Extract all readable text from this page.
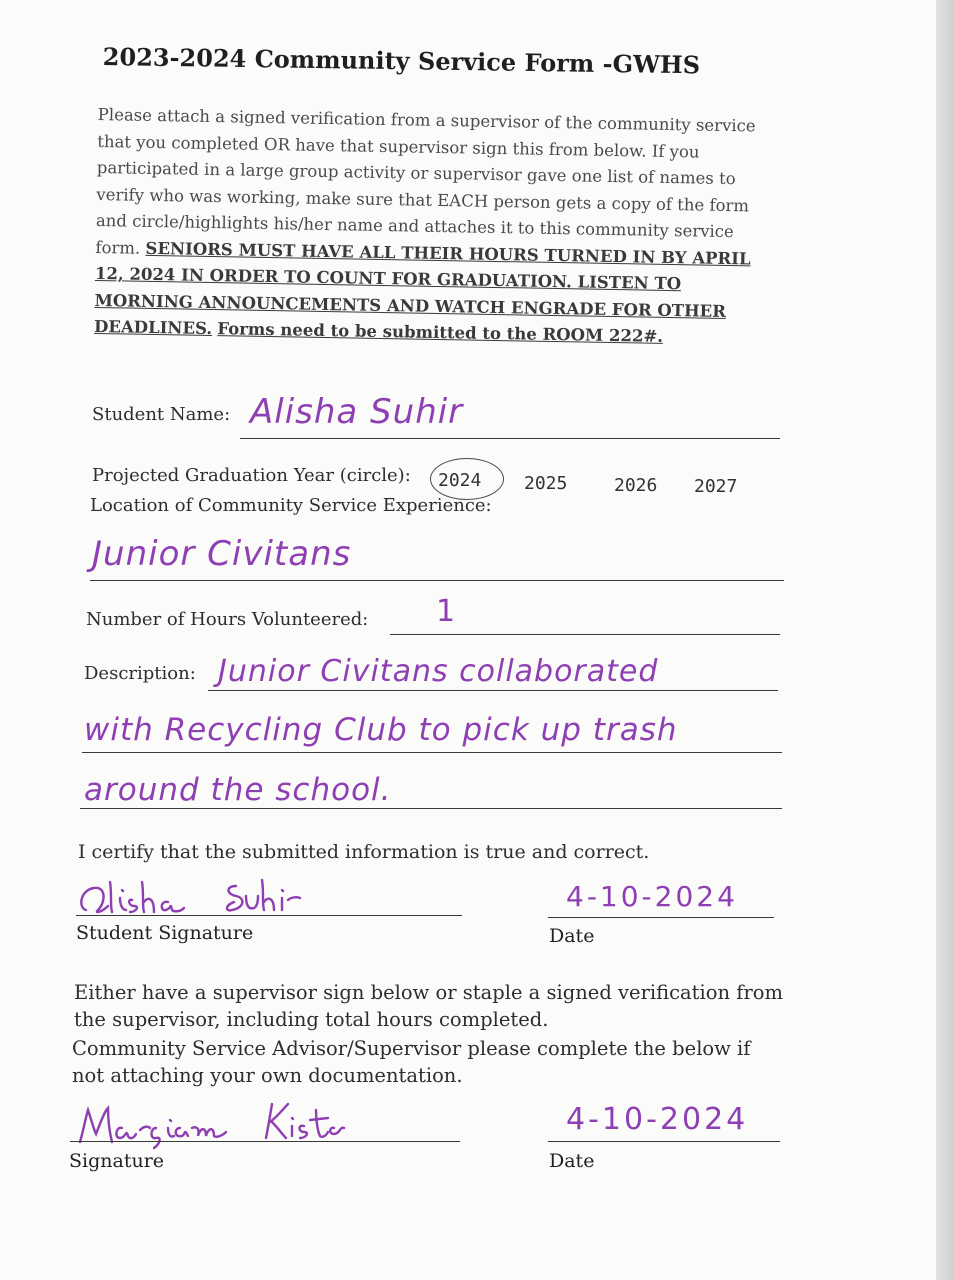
2023-2024 Community Service Form -GWHS
Please attach a signed verification from a supervisor of the community service that you completed OR have that supervisor sign this from below. If you participated in a large group activity or supervisor gave one list of names to verify who was working, make sure that EACH person gets a copy of the form and circle/highlights his/her name and attaches it to this community service form. SENIORS MUST HAVE ALL THEIR HOURS TURNED IN BY APRIL 12, 2024 IN ORDER TO COUNT FOR GRADUATION. LISTEN TO MORNING ANNOUNCEMENTS AND WATCH ENGRADE FOR OTHER DEADLINES. Forms need to be submitted to the ROOM 222#.
Student Name: Alisha Suhir
Projected Graduation Year (circle): 2024 2025	2026 2027
Location of Community Service Experience:
Junior Civitans
Number of Hours Volunteered: 1
Description: Junior Civitans collaborated
with Recycling Club to pick up trash
around the school.
I certify that the submitted information is true and correct.
Student Signature
4-10-2024
Date
Either have a supervisor sign below or staple a signed verification from
the supervisor, including total hours completed.
Community Service Advisor/Supervisor please complete the below if
not attaching your own documentation.
Signature
4-10-2024
Date
